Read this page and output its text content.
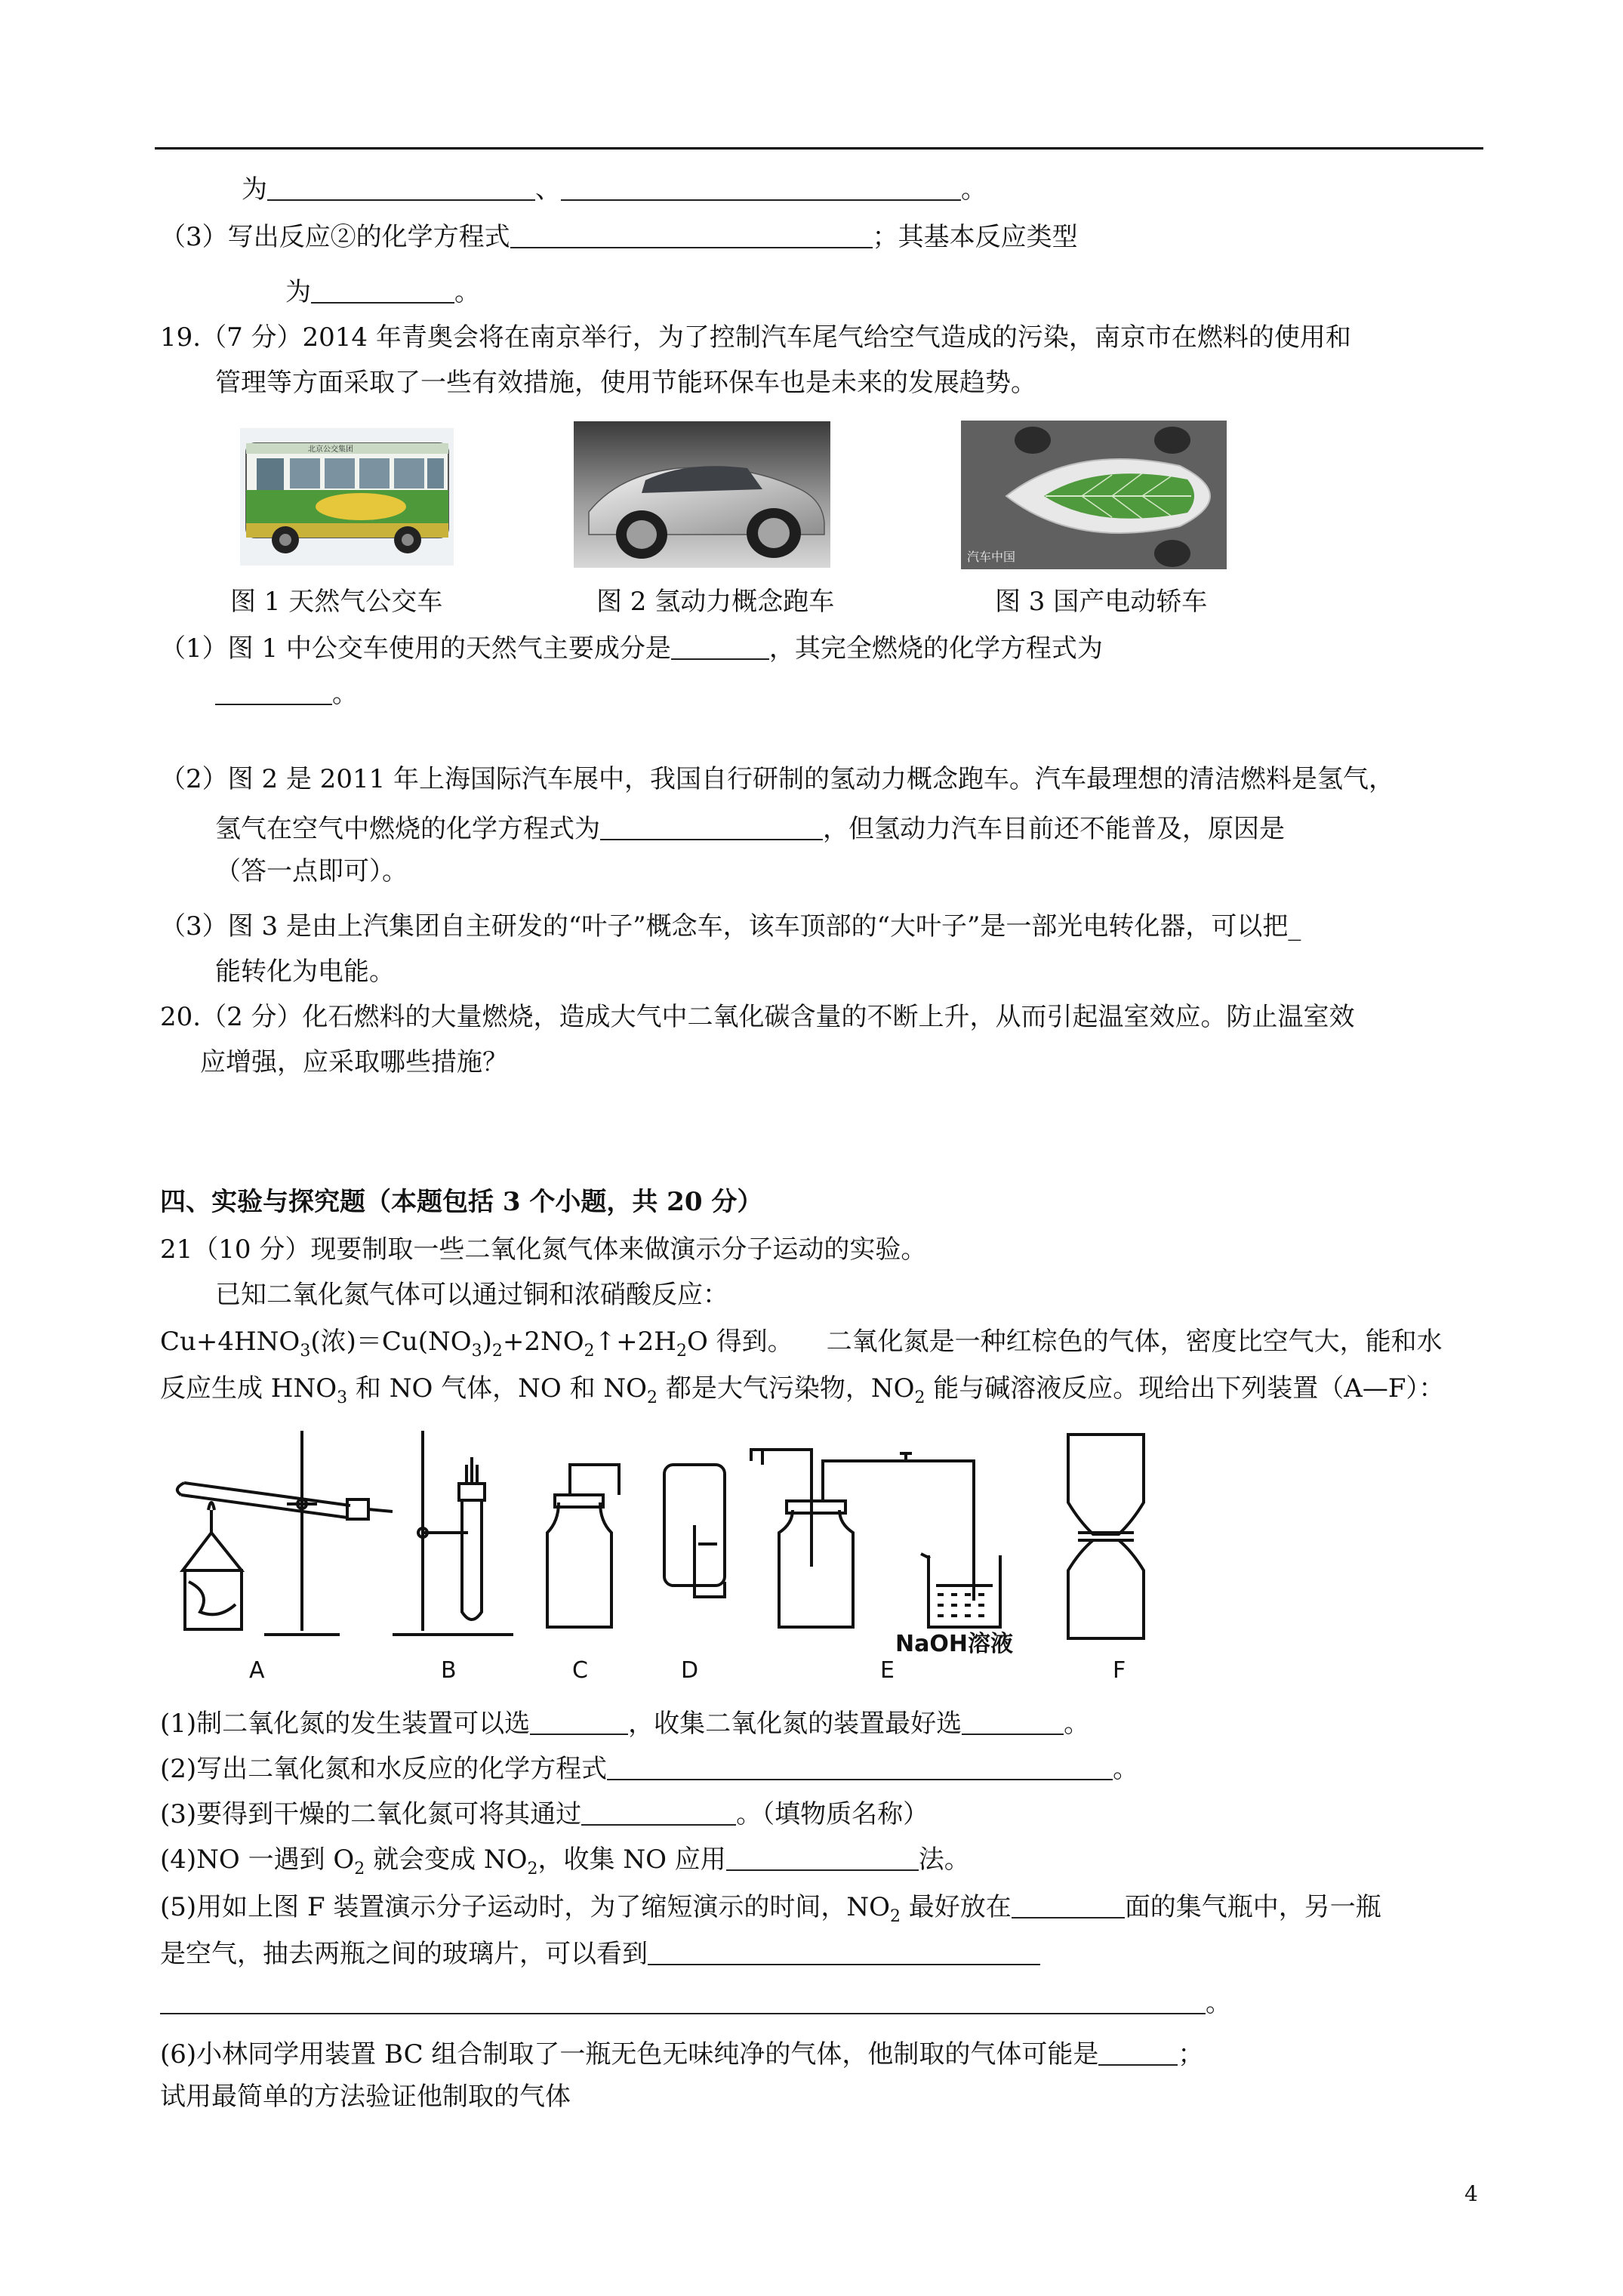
为	、	。
（3）写出反应②的化学方程式	；其基本反应类型
为	。
19.（7 分）2014 年青奥会将在南京举行，为了控制汽车尾气给空气造成的污染，南京市在燃料的使用和
管理等方面采取了一些有效措施，使用节能环保车也是未来的发展趋势。
北京公交集团
汽车中国
图 1 天然气公交车	图 2 氢动力概念跑车	图 3 国产电动轿车
（1）图 1 中公交车使用的天然气主要成分是	，其完全燃烧的化学方程式为
。
（2）图 2 是 2011 年上海国际汽车展中，我国自行研制的氢动力概念跑车。汽车最理想的清洁燃料是氢气，
氢气在空气中燃烧的化学方程式为	，但氢动力汽车目前还不能普及，原因是
（答一点即可）。
（3）图 3 是由上汽集团自主研发的“叶子”概念车，该车顶部的“大叶子”是一部光电转化器，可以把_
能转化为电能。
20.（2 分）化石燃料的大量燃烧，造成大气中二氧化碳含量的不断上升，从而引起温室效应。防止温室效
应增强，应采取哪些措施？
四、实验与探究题（本题包括 3 个小题，共 20 分）
21（10 分）现要制取一些二氧化氮气体来做演示分子运动的实验。
已知二氧化氮气体可以通过铜和浓硝酸反应：
$Cu+4HNO_3$(浓)$=Cu(NO_3)_2+2NO_2↑+2H_2O$ 得到。 二氧化氮是一种红棕色的气体，密度比空气大，能和水
反应生成 $HNO_3$ 和 NO 气体，NO 和 $NO_2$ 都是大气污染物，$NO_2$ 能与碱溶液反应。现给出下列装置（A—F）：
A	B	C	D	E	F
NaOH溶液
(1)制二氧化氮的发生装置可以选	，收集二氧化氮的装置最好选	。
(2)写出二氧化氮和水反应的化学方程式	。
(3)要得到干燥的二氧化氮可将其通过	。（填物质名称）
(4)NO 一遇到 $O_2$ 就会变成 $NO_2$，收集 NO 应用	法。
(5)用如上图 F 装置演示分子运动时，为了缩短演示的时间，$NO_2$ 最好放在	面的集气瓶中，另一瓶
是空气，抽去两瓶之间的玻璃片，可以看到
。
(6)小林同学用装置 BC 组合制取了一瓶无色无味纯净的气体，他制取的气体可能是	；
试用最简单的方法验证他制取的气体
4
